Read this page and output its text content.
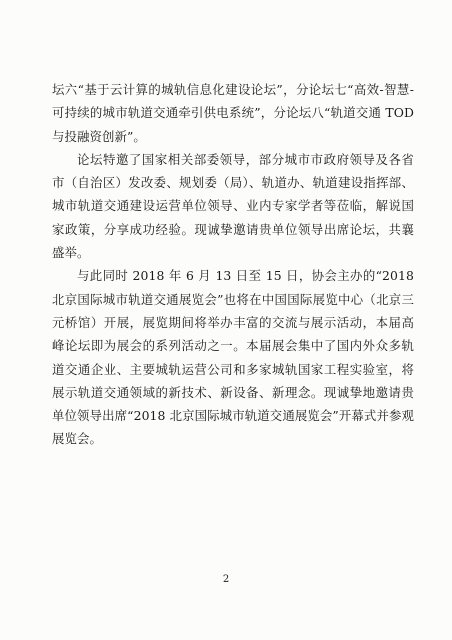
坛六“基于云计算的城轨信息化建设论坛”，分论坛七“高效-智慧-可持续的城市轨道交通牵引供电系统”，分论坛八“轨道交通 TOD 与投融资创新”。

论坛特邀了国家相关部委领导，部分城市市政府领导及各省市（自治区）发改委、规划委（局）、轨道办、轨道建设指挥部、城市轨道交通建设运营单位领导、业内专家学者等莅临，解说国家政策，分享成功经验。现诚挚邀请贵单位领导出席论坛，共襄盛举。

与此同时 2018 年 6 月 13 日至 15 日，协会主办的“2018 北京国际城市轨道交通展览会”也将在中国国际展览中心（北京三元桥馆）开展，展览期间将举办丰富的交流与展示活动，本届高峰论坛即为展会的系列活动之一。本届展会集中了国内外众多轨道交通企业、主要城轨运营公司和多家城轨国家工程实验室，将展示轨道交通领域的新技术、新设备、新理念。现诚挚地邀请贵单位领导出席“2018 北京国际城市轨道交通展览会”开幕式并参观展览会。

2
